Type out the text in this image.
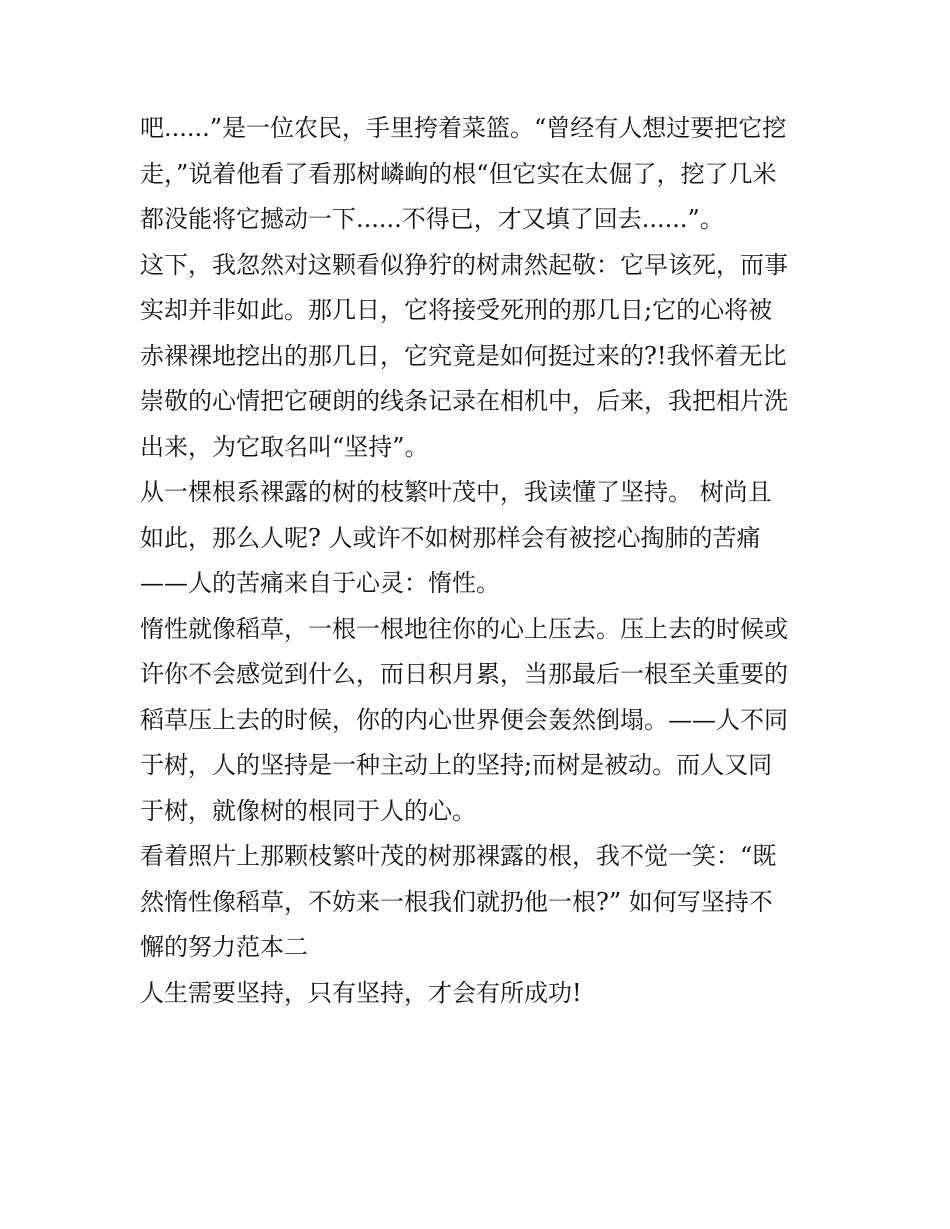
吧......”是一位农民，手里挎着菜篮。“曾经有人想过要把它挖
走，”说着他看了看那树嶙峋的根“但它实在太倔了，挖了几米
都没能将它撼动一下......不得已，才又填了回去......”。
这下，我忽然对这颗看似狰狞的树肃然起敬：它早该死，而事
实却并非如此。那几日，它将接受死刑的那几日;它的心将被
赤裸裸地挖出的那几日，它究竟是如何挺过来的?!我怀着无比
崇敬的心情把它硬朗的线条记录在相机中，后来，我把相片洗
出来，为它取名叫“坚持”。
从一棵根系裸露的树的枝繁叶茂中，我读懂了坚持。 树尚且
如此，那么人呢? 人或许不如树那样会有被挖心掏肺的苦痛
——人的苦痛来自于心灵：惰性。
惰性就像稻草，一根一根地往你的心上压去。压上去的时候或
许你不会感觉到什么，而日积月累，当那最后一根至关重要的
稻草压上去的时候，你的内心世界便会轰然倒塌。——人不同
于树，人的坚持是一种主动上的坚持;而树是被动。而人又同
于树，就像树的根同于人的心。
看着照片上那颗枝繁叶茂的树那裸露的根，我不觉一笑：“既
然惰性像稻草，不妨来一根我们就扔他一根?” 如何写坚持不
懈的努力范本二
人生需要坚持，只有坚持，才会有所成功!
